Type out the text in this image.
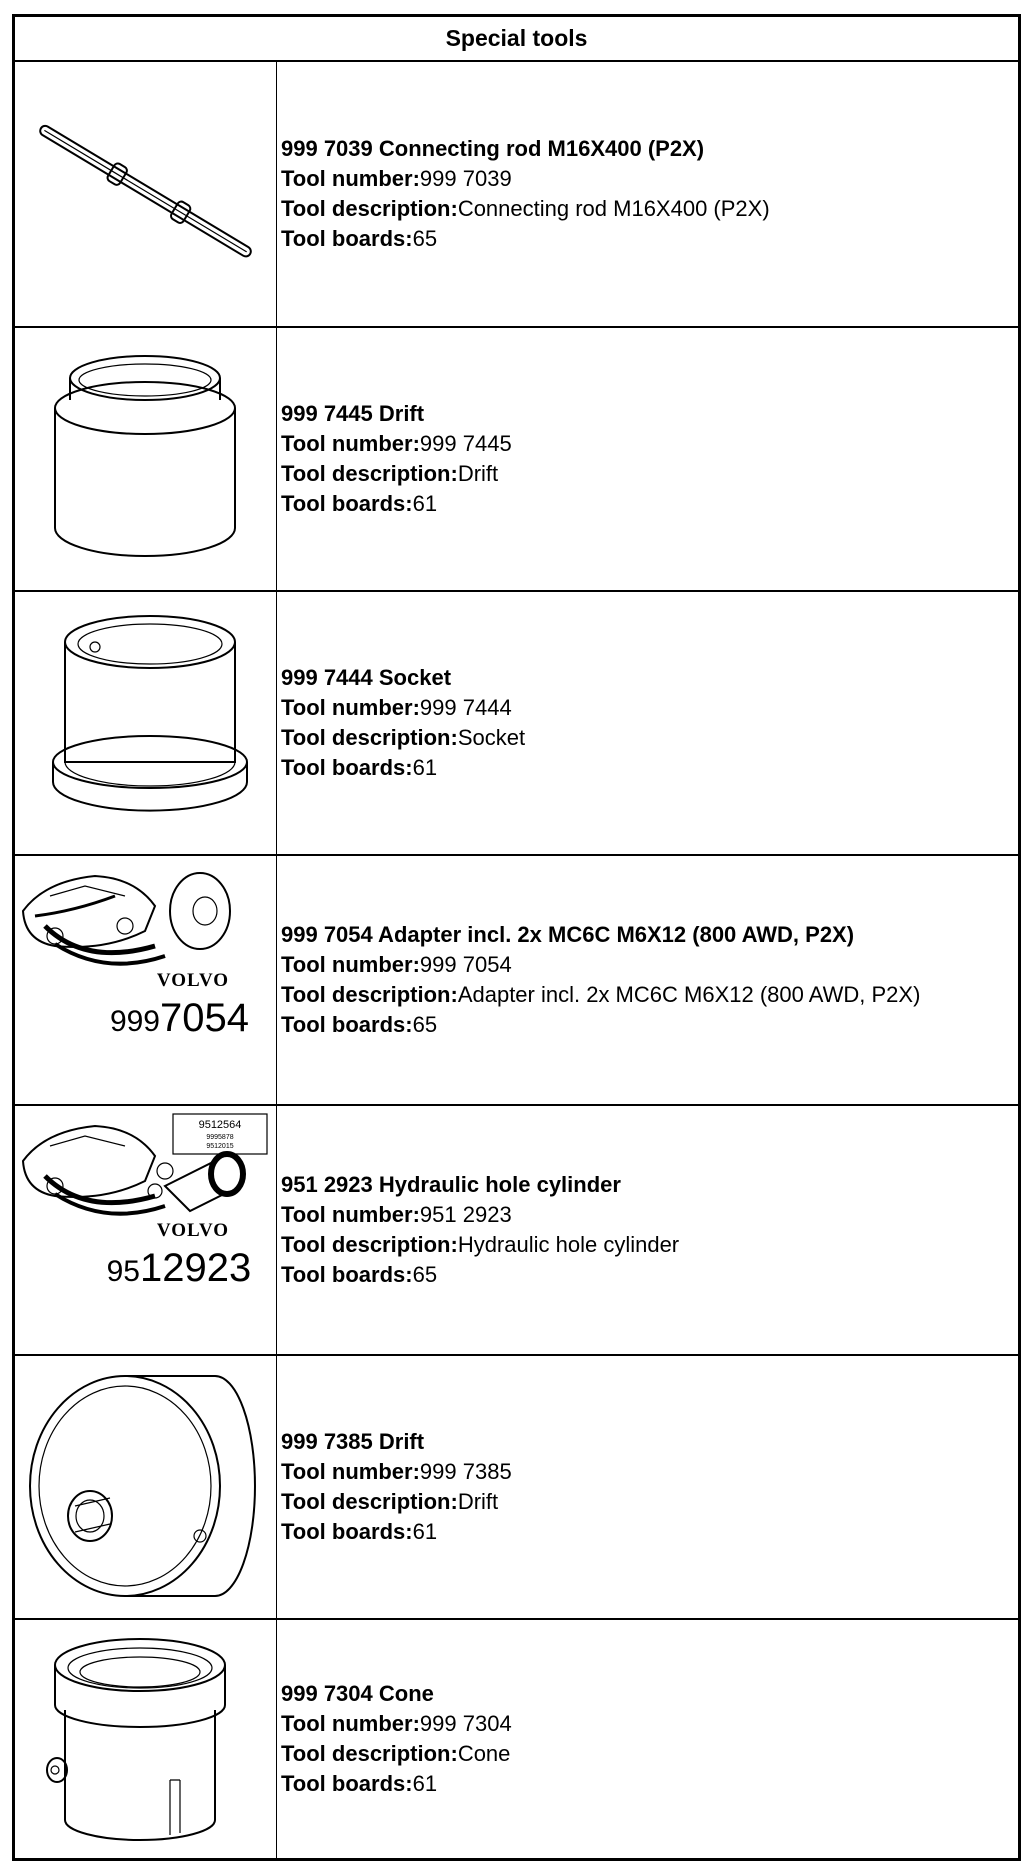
Special tools
999 7039 Connecting rod M16X400 (P2X)
Tool number:999 7039
Tool description:Connecting rod M16X400 (P2X)
Tool boards:65
999 7445 Drift
Tool number:999 7445
Tool description:Drift
Tool boards:61
999 7444 Socket
Tool number:999 7444
Tool description:Socket
Tool boards:61
VOLVO
999 7054
999 7054 Adapter incl. 2x MC6C M6X12 (800 AWD, P2X)
Tool number:999 7054
Tool description:Adapter incl. 2x MC6C M6X12 (800 AWD, P2X)
Tool boards:65
9512564
9995878
9512015
VOLVO
95 12923
951 2923 Hydraulic hole cylinder
Tool number:951 2923
Tool description:Hydraulic hole cylinder
Tool boards:65
999 7385 Drift
Tool number:999 7385
Tool description:Drift
Tool boards:61
999 7304 Cone
Tool number:999 7304
Tool description:Cone
Tool boards:61
